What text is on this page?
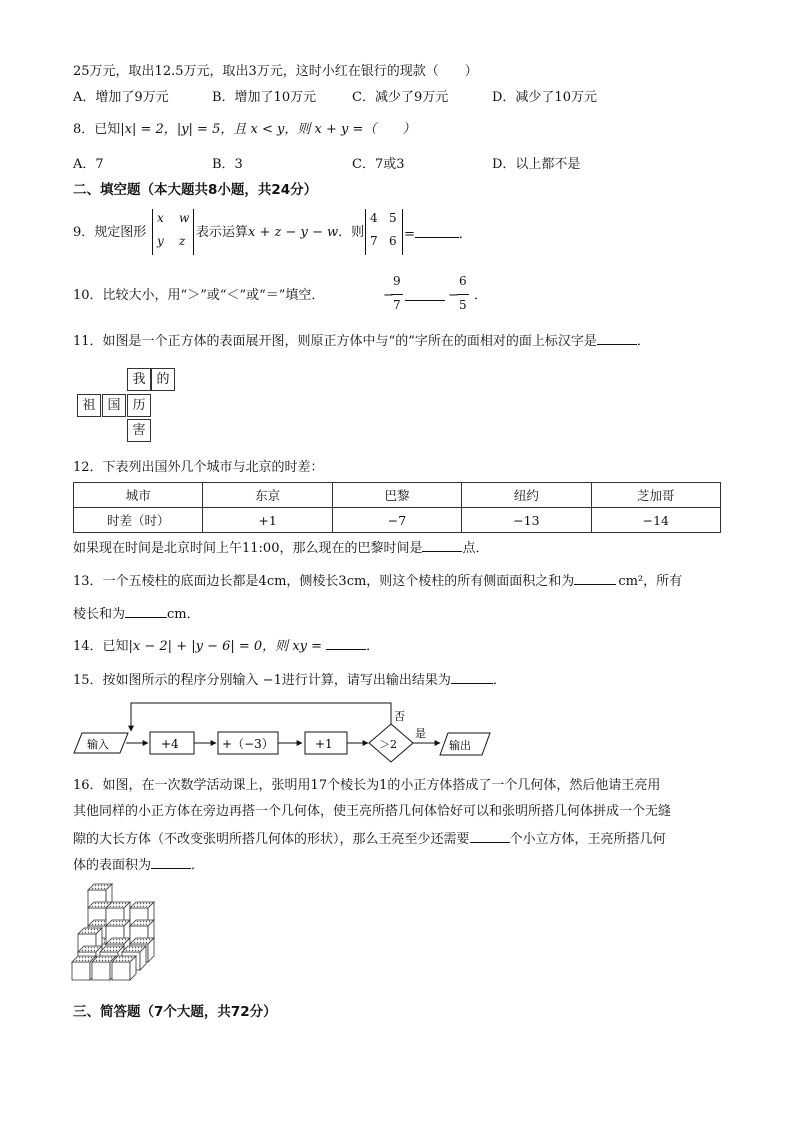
25万元，取出12.5万元，取出3万元，这时小红在银行的现款（　　）
A．增加了9万元	B．增加了10万元	C．减少了9万元	D．减少了10万元
8．已知|x| = 2，|y| = 5，且 x < y，则 x + y =（　　）
A．7	B．3	C．7或3	D．以上都不是
二、填空题（本大题共8小题，共24分）
9．规定图形
x w
y z
表示运算x + z − y − w．则
4 5
7 6 =	．
10．比较大小，用“＞”或“＜”或“＝”填空．	−
9
7
−
6
5
．
11．如图是一个正方体的表面展开图，则原正方体中与“的”字所在的面相对的面上标汉字是	．
我 的
祖 国 历
害
12．下表列出国外几个城市与北京的时差：
城市	东京	巴黎	纽约	芝加哥
时差（时）	+1	−7	−13	−14
如果现在时间是北京时间上午11:00，那么现在的巴黎时间是	点．
13．一个五棱柱的底面边长都是4cm，侧棱长3cm，则这个棱柱的所有侧面面积之和为	cm²，所有
棱长和为	cm．
14．已知|x − 2| + |y − 6| = 0，则 xy =	．
15．按如图所示的程序分别输入 −1进行计算，请写出输出结果为	．
输入	+4	+（−3）	+1	＞2
否
是
输出
16．如图，在一次数学活动课上，张明用17个棱长为1的小正方体搭成了一个几何体，然后他请王亮用
其他同样的小正方体在旁边再搭一个几何体，使王亮所搭几何体恰好可以和张明所搭几何体拼成一个无缝
隙的大长方体（不改变张明所搭几何体的形状），那么王亮至少还需要	个小立方体，王亮所搭几何
体的表面积为	．
三、简答题（7个大题，共72分）
